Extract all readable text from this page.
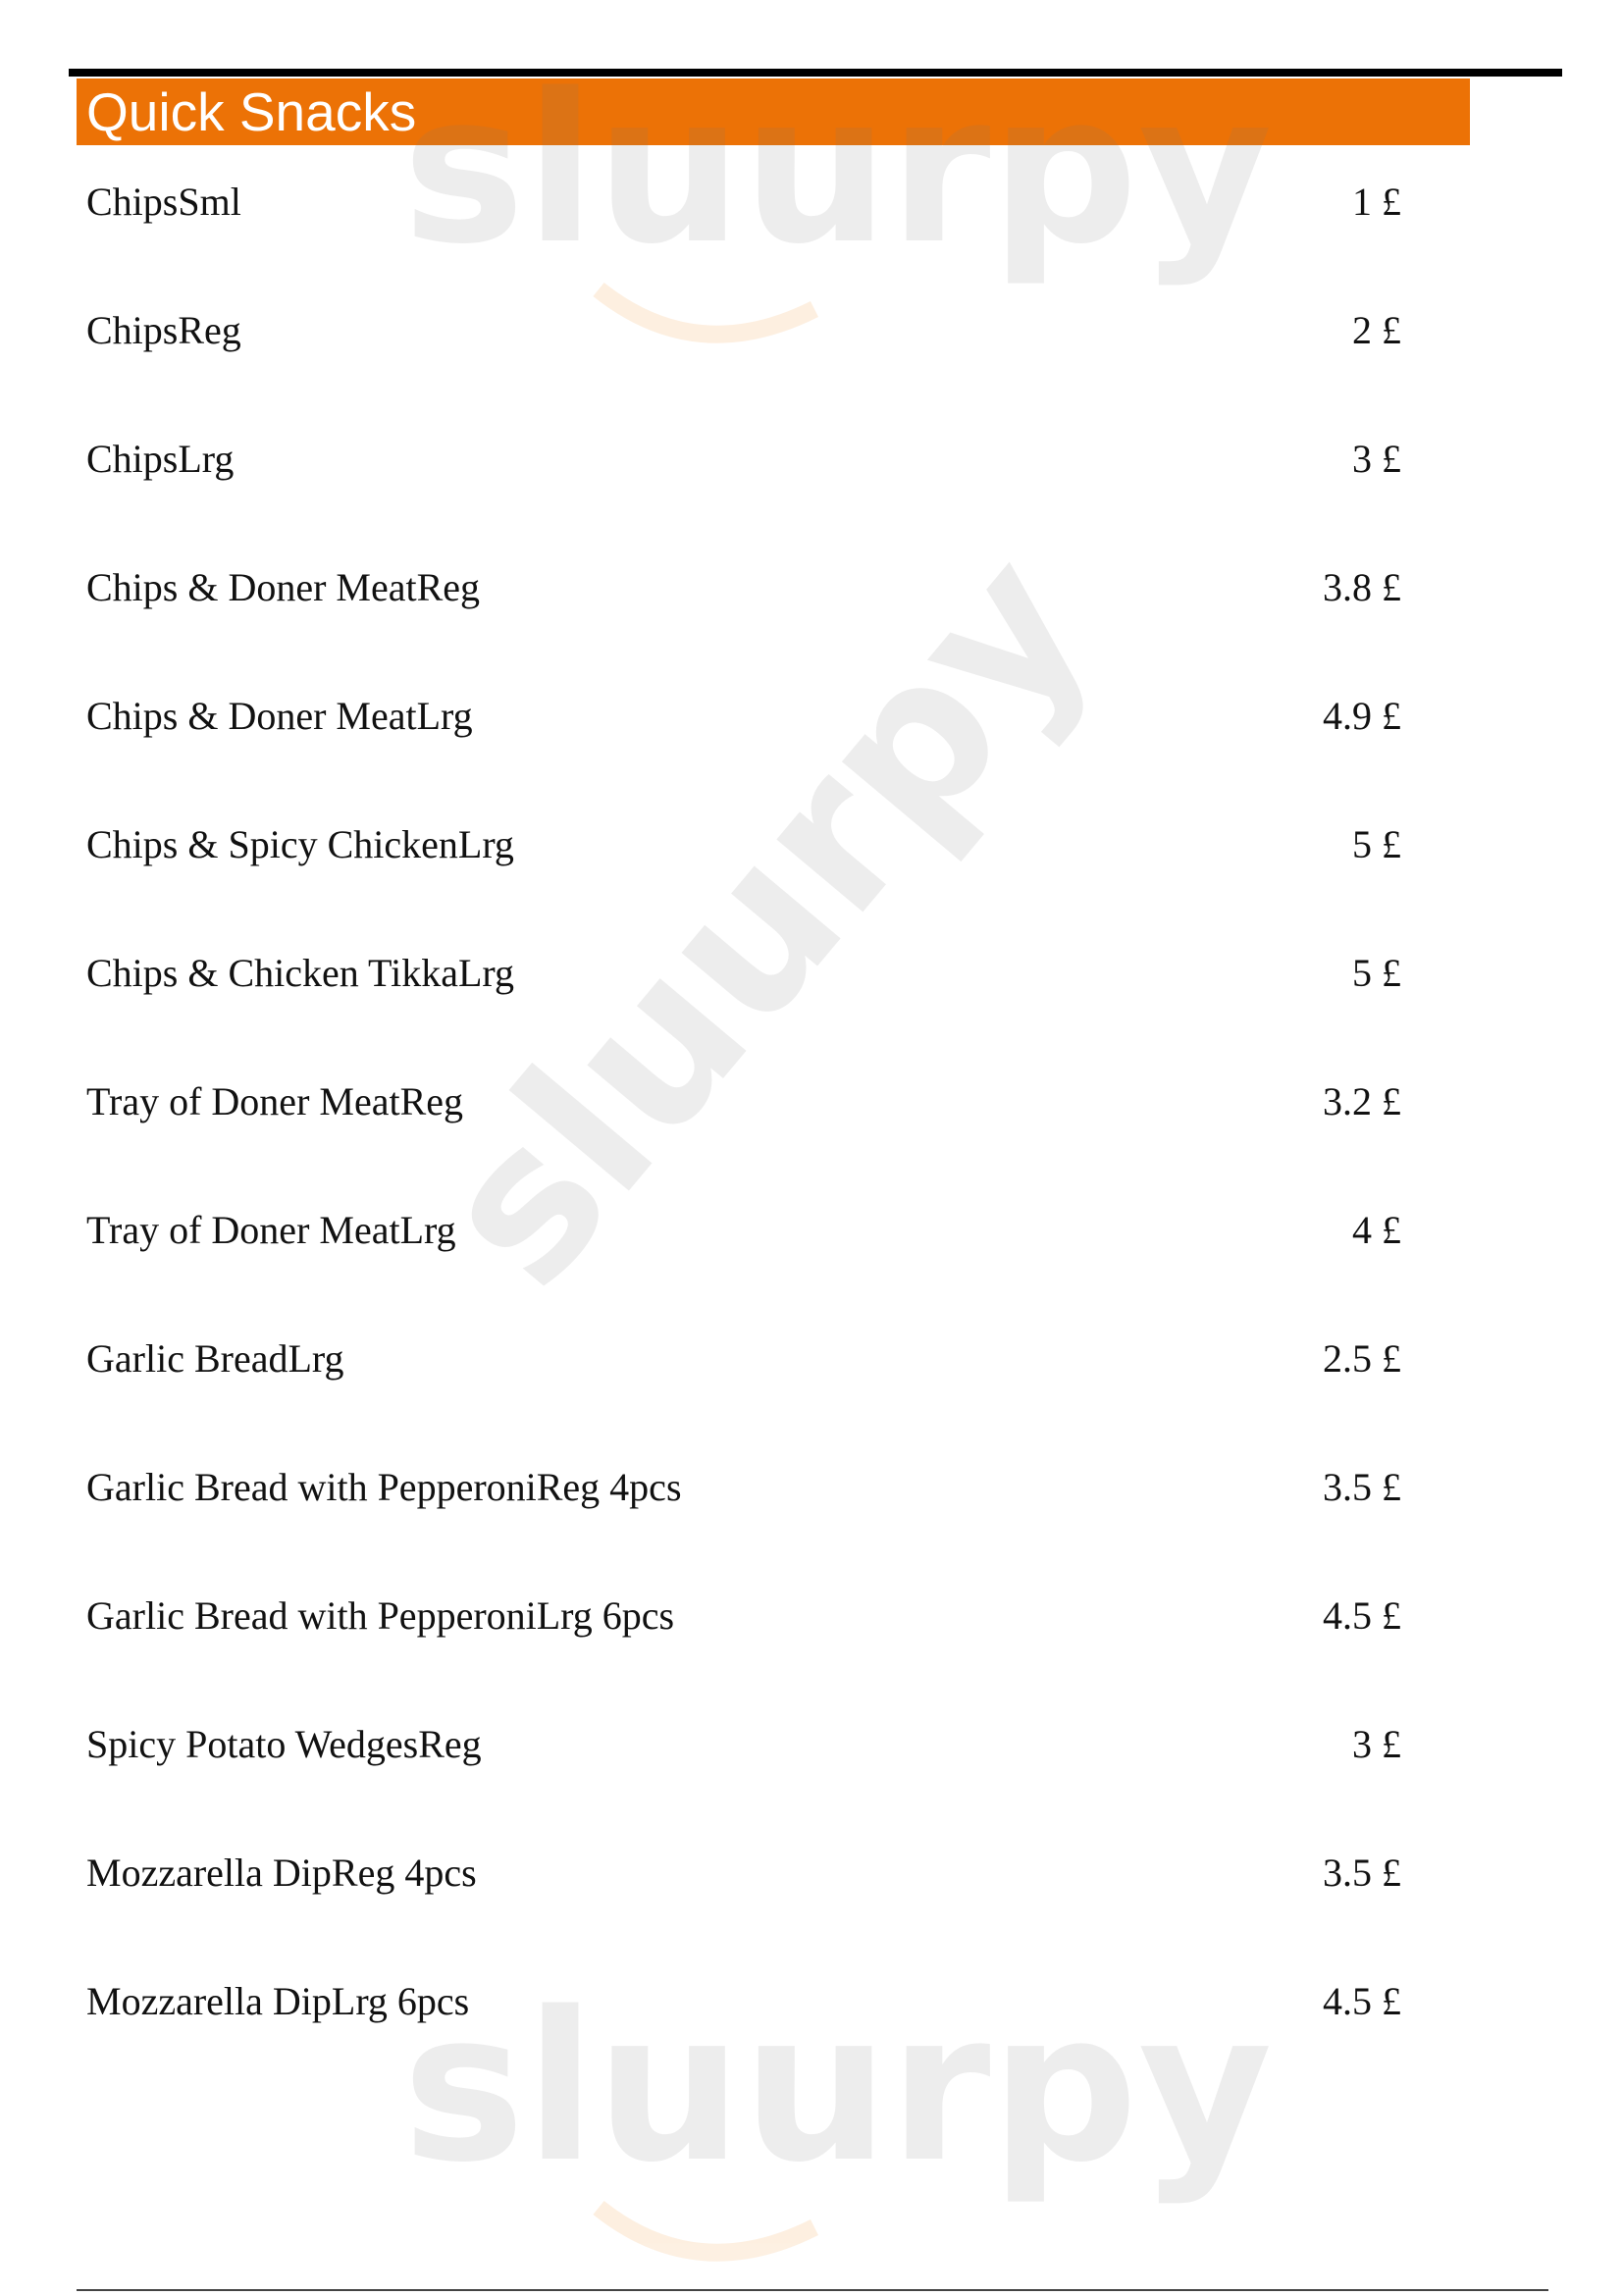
Quick Snacks
sluurpy
sluurpy
sluurpy
ChipsSml	1 £
ChipsReg	2 £
ChipsLrg	3 £
Chips & Doner MeatReg	3.8 £
Chips & Doner MeatLrg	4.9 £
Chips & Spicy ChickenLrg	5 £
Chips & Chicken TikkaLrg	5 £
Tray of Doner MeatReg	3.2 £
Tray of Doner MeatLrg	4 £
Garlic BreadLrg	2.5 £
Garlic Bread with PepperoniReg 4pcs	3.5 £
Garlic Bread with PepperoniLrg 6pcs	4.5 £
Spicy Potato WedgesReg	3 £
Mozzarella DipReg 4pcs	3.5 £
Mozzarella DipLrg 6pcs	4.5 £
